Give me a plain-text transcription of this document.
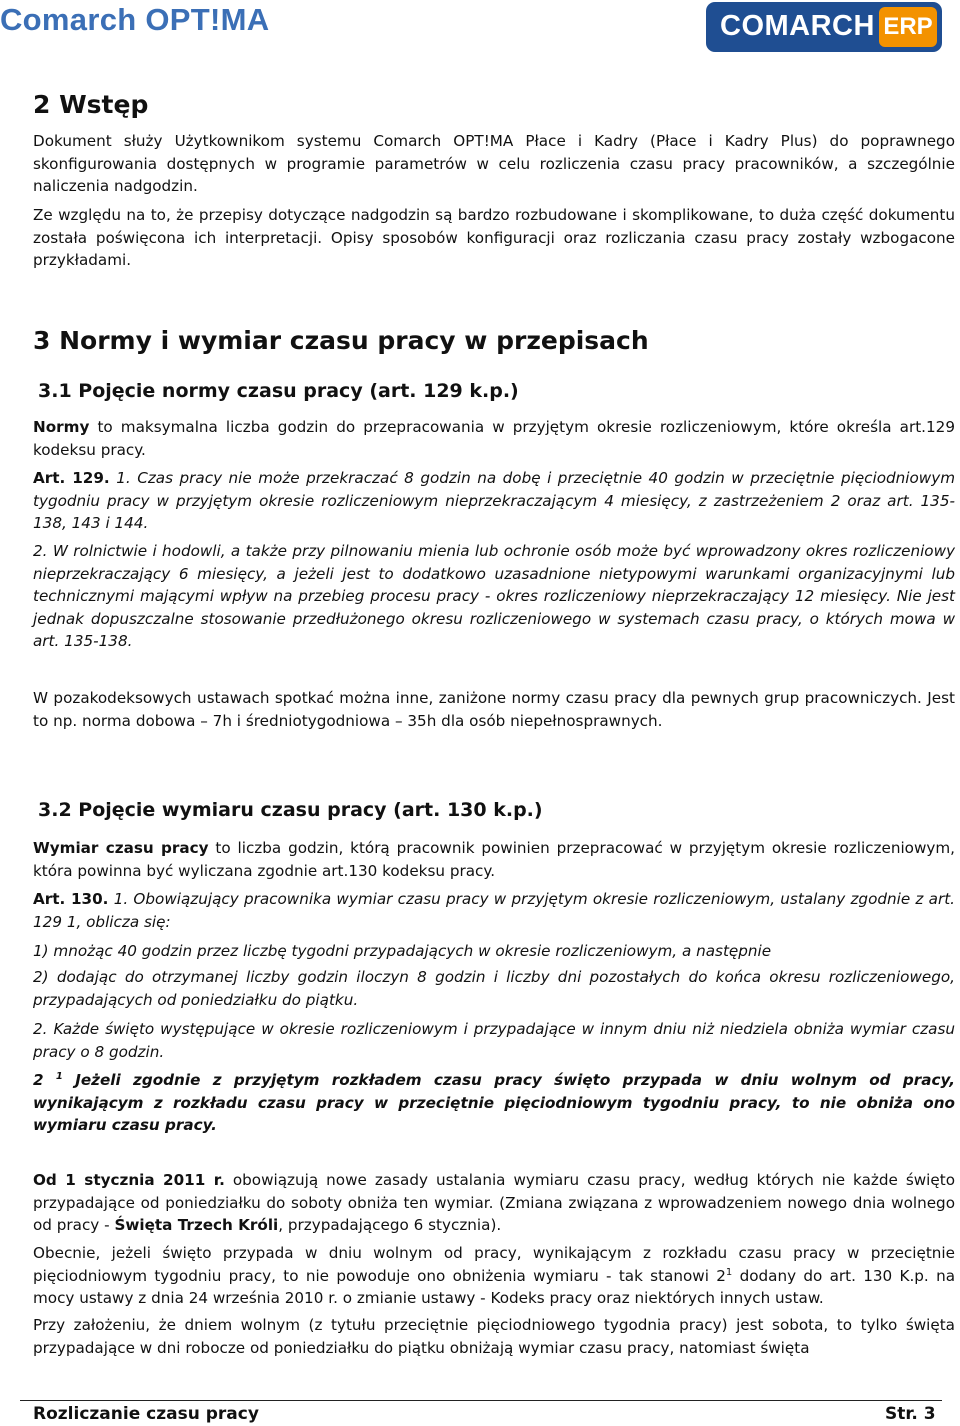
Comarch OPT!MA	COMARCH ERP
2 Wstęp

Dokument służy Użytkownikom systemu Comarch OPT!MA Płace i Kadry (Płace i Kadry Plus) do poprawnego skonfigurowania dostępnych w programie parametrów w celu rozliczenia czasu pracy pracowników, a szczególnie naliczenia nadgodzin.

Ze względu na to, że przepisy dotyczące nadgodzin są bardzo rozbudowane i skomplikowane, to duża część dokumentu została poświęcona ich interpretacji. Opisy sposobów konfiguracji oraz rozliczania czasu pracy zostały wzbogacone przykładami.

3 Normy i wymiar czasu pracy w przepisach
3.1 Pojęcie normy czasu pracy (art. 129 k.p.)

Normy to maksymalna liczba godzin do przepracowania w przyjętym okresie rozliczeniowym, które określa art.129 kodeksu pracy.

Art. 129. 1. Czas pracy nie może przekraczać 8 godzin na dobę i przeciętnie 40 godzin w przeciętnie pięciodniowym tygodniu pracy w przyjętym okresie rozliczeniowym nieprzekraczającym 4 miesięcy, z zastrzeżeniem 2 oraz art. 135-138, 143 i 144.

2. W rolnictwie i hodowli, a także przy pilnowaniu mienia lub ochronie osób może być wprowadzony okres rozliczeniowy nieprzekraczający 6 miesięcy, a jeżeli jest to dodatkowo uzasadnione nietypowymi warunkami organizacyjnymi lub technicznymi mającymi wpływ na przebieg procesu pracy - okres rozliczeniowy nieprzekraczający 12 miesięcy. Nie jest jednak dopuszczalne stosowanie przedłużonego okresu rozliczeniowego w systemach czasu pracy, o których mowa w art. 135-138.

W pozakodeksowych ustawach spotkać można inne, zaniżone normy czasu pracy dla pewnych grup pracowniczych. Jest to np. norma dobowa – 7h i średniotygodniowa – 35h dla osób niepełnosprawnych.

3.2 Pojęcie wymiaru czasu pracy (art. 130 k.p.)

Wymiar czasu pracy to liczba godzin, którą pracownik powinien przepracować w przyjętym okresie rozliczeniowym, która powinna być wyliczana zgodnie art.130 kodeksu pracy.

Art. 130. 1. Obowiązujący pracownika wymiar czasu pracy w przyjętym okresie rozliczeniowym, ustalany zgodnie z art. 129 1, oblicza się:

1) mnożąc 40 godzin przez liczbę tygodni przypadających w okresie rozliczeniowym, a następnie

2) dodając do otrzymanej liczby godzin iloczyn 8 godzin i liczby dni pozostałych do końca okresu rozliczeniowego, przypadających od poniedziałku do piątku.

2. Każde święto występujące w okresie rozliczeniowym i przypadające w innym dniu niż niedziela obniża wymiar czasu pracy o 8 godzin.

2 $^1$ Jeżeli zgodnie z przyjętym rozkładem czasu pracy święto przypada w dniu wolnym od pracy, wynikającym z rozkładu czasu pracy w przeciętnie pięciodniowym tygodniu pracy, to nie obniża ono wymiaru czasu pracy.

Od 1 stycznia 2011 r. obowiązują nowe zasady ustalania wymiaru czasu pracy, według których nie każde święto przypadające od poniedziałku do soboty obniża ten wymiar. (Zmiana związana z wprowadzeniem nowego dnia wolnego od pracy - Święta Trzech Króli, przypadającego 6 stycznia).

Obecnie, jeżeli święto przypada w dniu wolnym od pracy, wynikającym z rozkładu czasu pracy w przeciętnie pięciodniowym tygodniu pracy, to nie powoduje ono obniżenia wymiaru - tak stanowi $2^1$ dodany do art. 130 K.p. na mocy ustawy z dnia 24 września 2010 r. o zmianie ustawy - Kodeks pracy oraz niektórych innych ustaw.

Przy założeniu, że dniem wolnym (z tytułu przeciętnie pięciodniowego tygodnia pracy) jest sobota, to tylko święta przypadające w dni robocze od poniedziałku do piątku obniżają wymiar czasu pracy, natomiast święta

Rozliczanie czasu pracy	Str. 3
